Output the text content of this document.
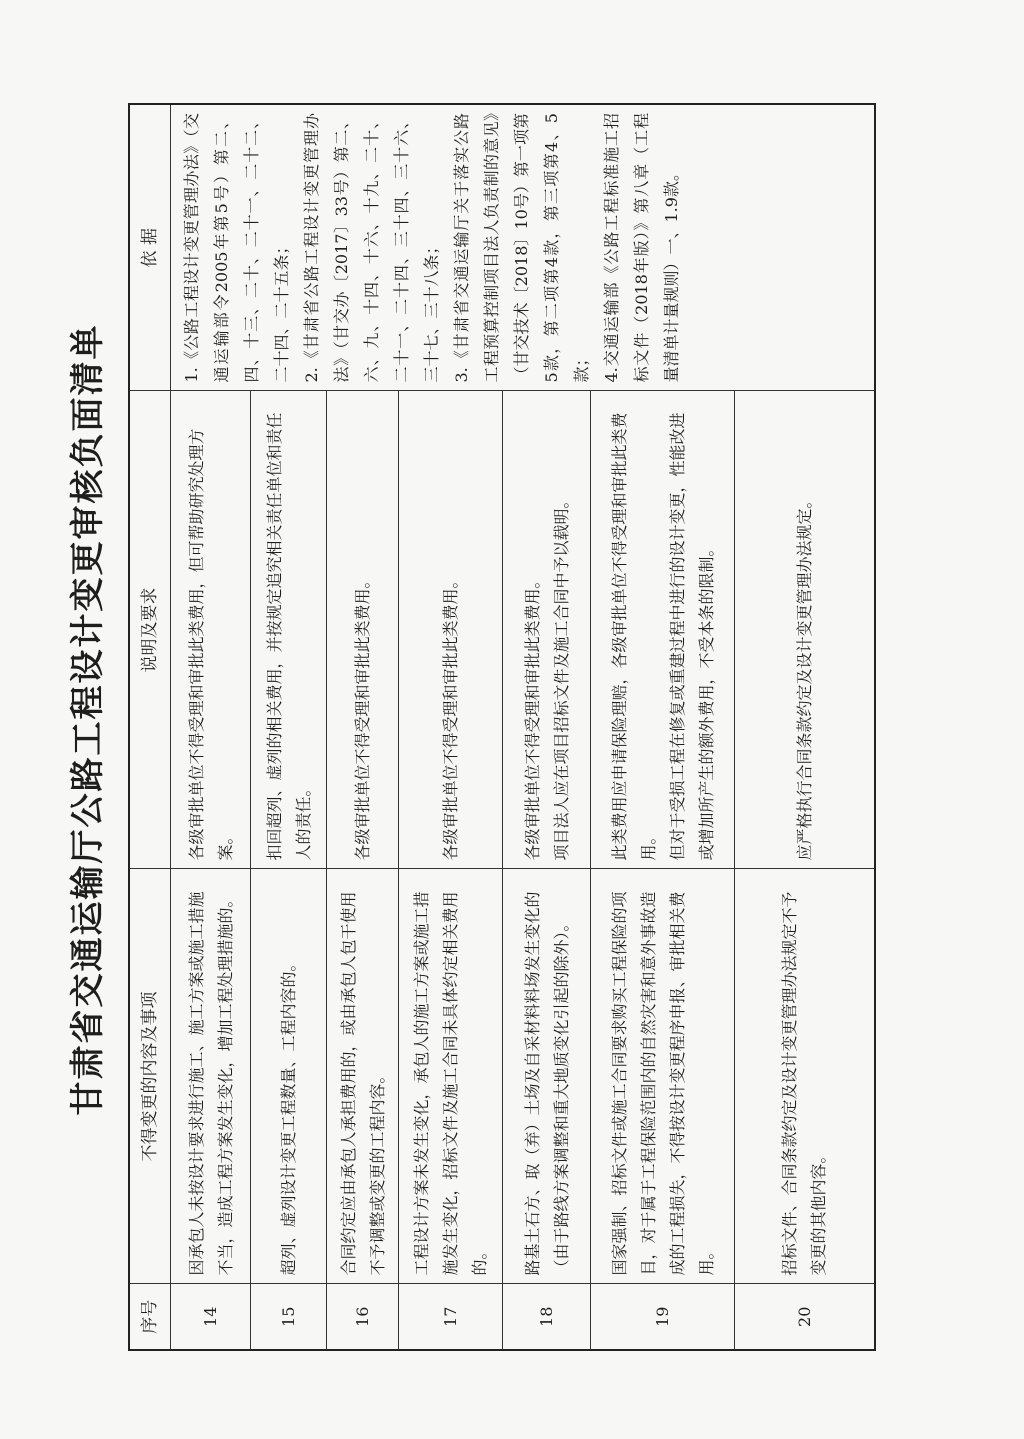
甘肃省交通运输厅公路工程设计变更审核负面清单
序号	不得变更的内容及事项	说明及要求	依 据
14	因承包人未按设计要求进行施工、施工方案或施工措施不当，造成工程方案发生变化，增加工程处理措施的。	各级审批单位不得受理和审批此类费用，但可帮助研究处理方案。	1.《公路工程设计变更管理办法》（交通运输部令2005年第5号）第二、四、十三、二十、二十一、二十二、二十四、二十五条；
2.《甘肃省公路工程设计变更管理办法》（甘交办〔2017〕33号）第二、六、九、十四、十六、十九、二十、二十一、二十四、三十四、三十六、三十七、三十八条；
3.《甘肃省交通运输厅关于落实公路工程预算控制项目法人负责制的意见》（甘交技术〔2018〕10号）第一项第5款，第二项第4款，第三项第4、5款；
4.交通运输部《公路工程标准施工招标文件（2018年版）》第八章（工程量清单计量规则）一、1.9款。

15	超列、虚列设计变更工程数量、工程内容的。	扣回超列、虚列的相关费用，并按规定追究相关责任单位和责任人的责任。	
16	合同约定应由承包人承担费用的，或由承包人包干使用不予调整或变更的工程内容。	各级审批单位不得受理和审批此类费用。	
17	工程设计方案未发生变化，承包人的施工方案或施工措施发生变化，招标文件及施工合同未具体约定相关费用的。	各级审批单位不得受理和审批此类费用。	
18	路基土石方、取（弃）土场及自采材料料场发生变化的（由于路线方案调整和重大地质变化引起的除外）。	各级审批单位不得受理和审批此类费用。
项目法人应在项目招标文件及施工合同中予以载明。	
19	国家强制、招标文件或施工合同要求购买工程保险的项目，对于属于工程保险范围内的自然灾害和意外事故造成的工程损失，不得按设计变更程序申报、审批相关费用。	此类费用应申请保险理赔，各级审批单位不得受理和审批此类费用。
但对于受损工程在修复或重建过程中进行的设计变更，性能改进或增加所产生的额外费用，不受本条的限制。	
20	招标文件、合同条款约定及设计变更管理办法规定不予变更的其他内容。	应严格执行合同条款约定及设计变更管理办法规定。	
